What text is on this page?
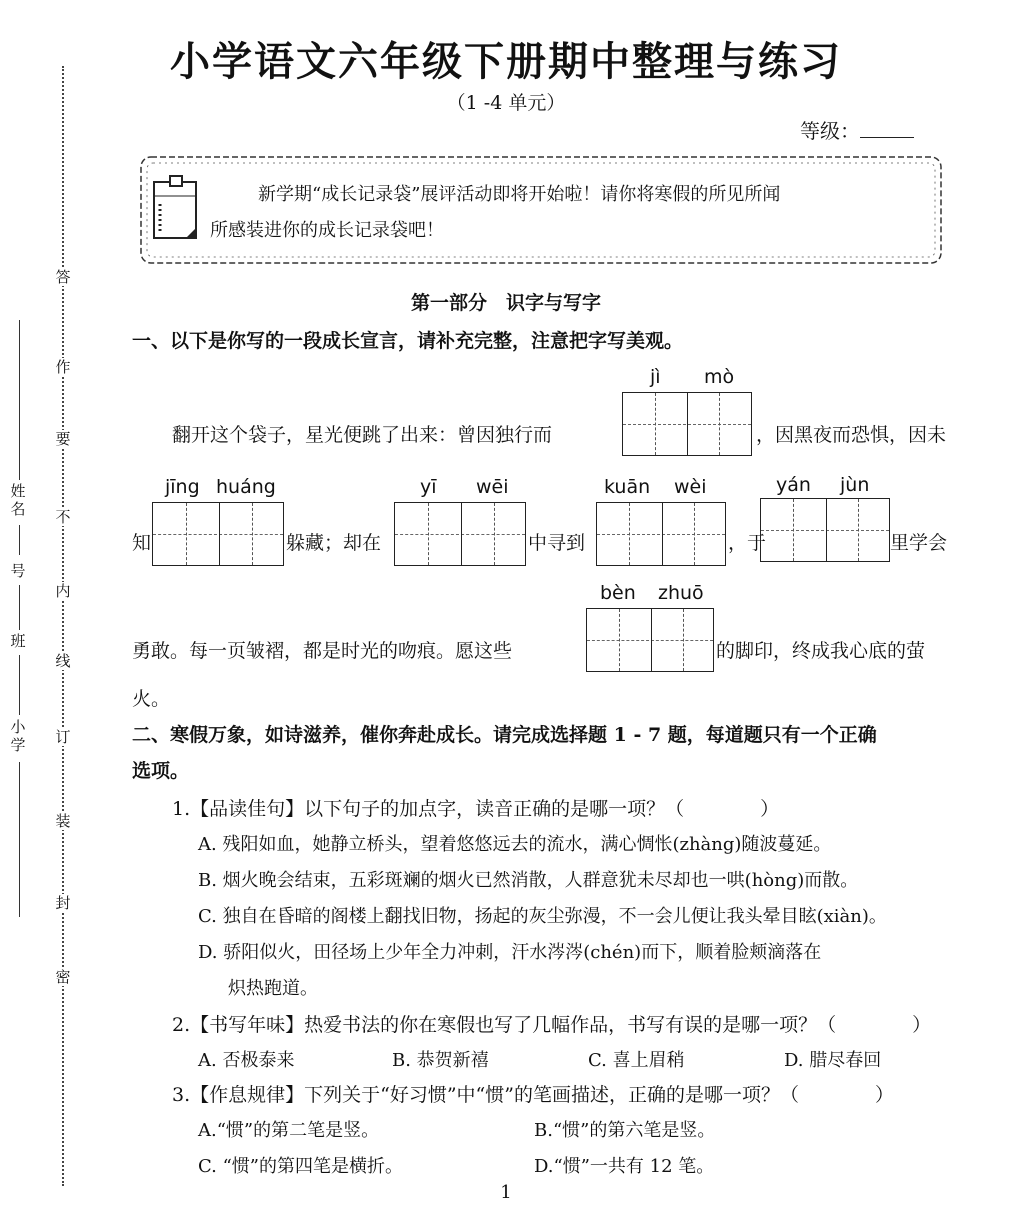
小学语文六年级下册期中整理与练习
（1 -4 单元）
等级：
答
作
要
不
内
线
订
装
封
密
姓名
号
班
小学
新学期“成长记录袋”展评活动即将开始啦！请你将寒假的所见所闻
所感装进你的成长记录袋吧！
第一部分　识字与写字
一、以下是你写的一段成长宣言，请补充完整，注意把字写美观。
jì mò
翻开这个袋子，星光便跳了出来：曾因独行而	，因黑夜而恐惧，因未
jīng huáng	yī wēi	kuān wèi	yán jùn
知	躲藏；却在	中寻到	，于	里学会
bèn zhuō
勇敢。每一页皱褶，都是时光的吻痕。愿这些	的脚印，终成我心底的萤
火。
二、寒假万象，如诗滋养，催你奔赴成长。请完成选择题 1 - 7 题，每道题只有一个正确
选项。
1.【品读佳句】以下句子的加点字，读音正确的是哪一项？（　　　　）
A. 残阳如血，她静立桥头，望着悠悠远去的流水，满心惆怅(zhàng)随波蔓延。
B. 烟火晚会结束，五彩斑斓的烟火已然消散，人群意犹未尽却也一哄(hòng)而散。
C. 独自在昏暗的阁楼上翻找旧物，扬起的灰尘弥漫，不一会儿便让我头晕目眩(xiàn)。
D. 骄阳似火，田径场上少年全力冲刺，汗水涔涔(chén)而下，顺着脸颊滴落在
炽热跑道。
2.【书写年味】热爱书法的你在寒假也写了几幅作品，书写有误的是哪一项？（　　　　）
A. 否极泰来	B. 恭贺新禧	C. 喜上眉稍	D. 腊尽春回
3.【作息规律】下列关于“好习惯”中“惯”的笔画描述，正确的是哪一项？（　　　　）
A.“惯”的第二笔是竖。	B.“惯”的第六笔是竖。
C. “惯”的第四笔是横折。	D.“惯”一共有 12 笔。
1
